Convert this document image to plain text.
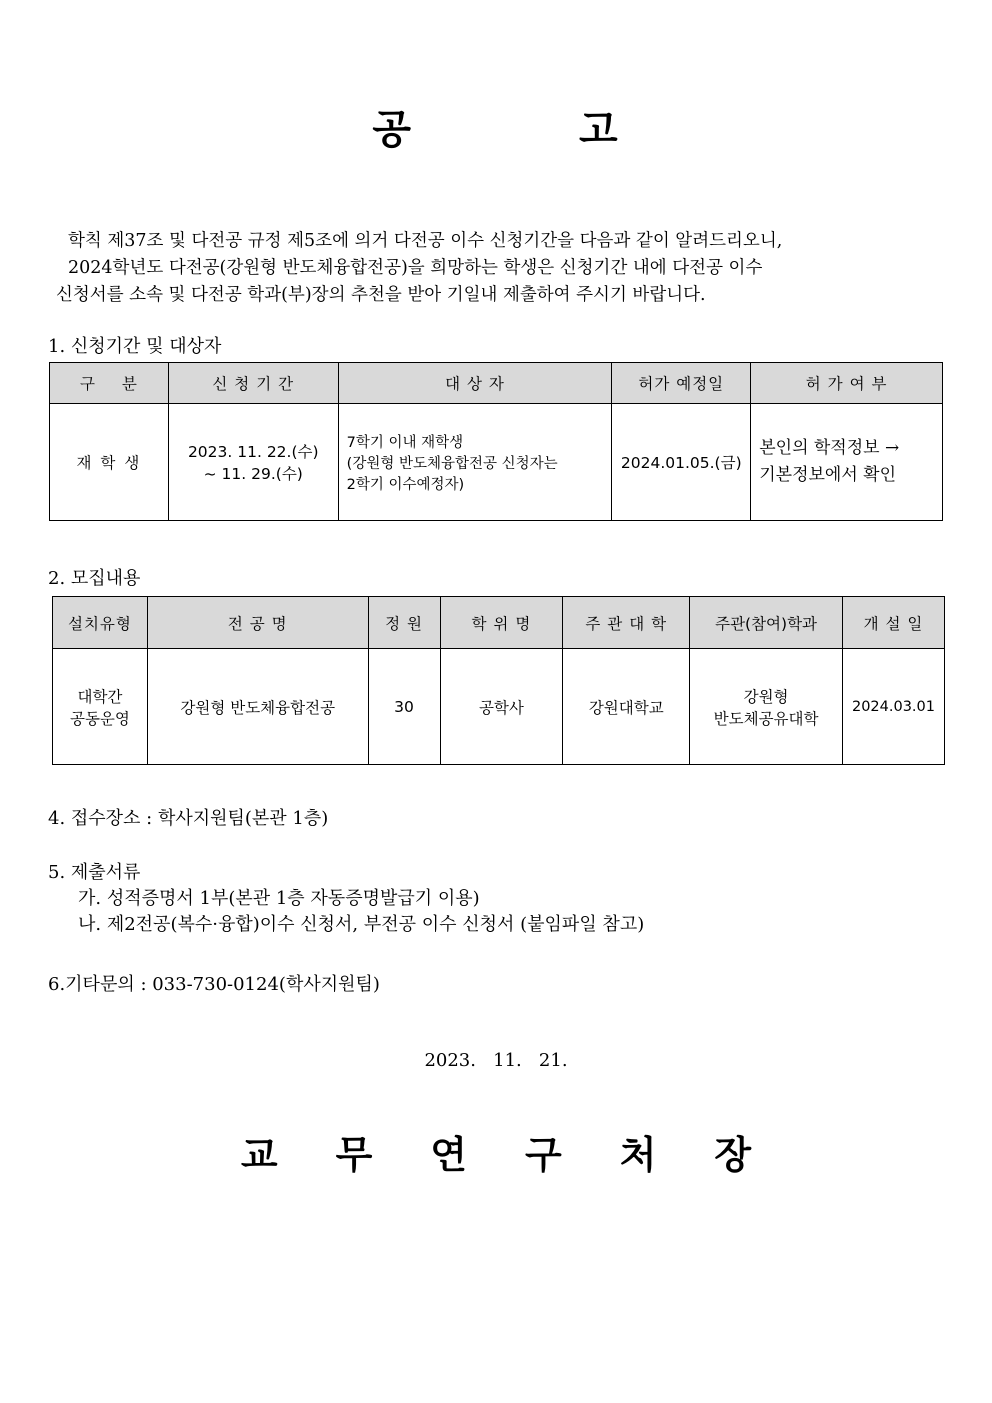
공 고

학칙 제37조 및 다전공 규정 제5조에 의거 다전공 이수 신청기간을 다음과 같이 알려드리오니,

2024학년도 다전공(강원형 반도체융합전공)을 희망하는 학생은 신청기간 내에 다전공 이수

신청서를 소속 및 다전공 학과(부)장의 추천을 받아 기일내 제출하여 주시기 바랍니다.

1. 신청기간 및 대상자
구 분	신 청 기 간	대 상 자	허가 예정일	허 가 여 부
재 학 생	2023. 11. 22.(수)
~ 11. 29.(수)	7학기 이내 재학생
(강원형 반도체융합전공 신청자는
2학기 이수예정자)	2024.01.05.(금)	본인의 학적정보 →
기본정보에서 확인
2. 모집내용
설치유형	전 공 명	정 원	학 위 명	주 관 대 학	주관(참여)학과	개 설 일
대학간
공동운영	강원형 반도체융합전공	30	공학사	강원대학교	강원형
반도체공유대학	2024.03.01
4. 접수장소 : 학사지원팀(본관 1층)
5. 제출서류
가. 성적증명서 1부(본관 1층 자동증명발급기 이용)
나. 제2전공(복수·융합)이수 신청서, 부전공 이수 신청서 (붙임파일 참고)
6.기타문의 : 033-730-0124(학사지원팀)
2023.   11.   21.
교무연구처장
